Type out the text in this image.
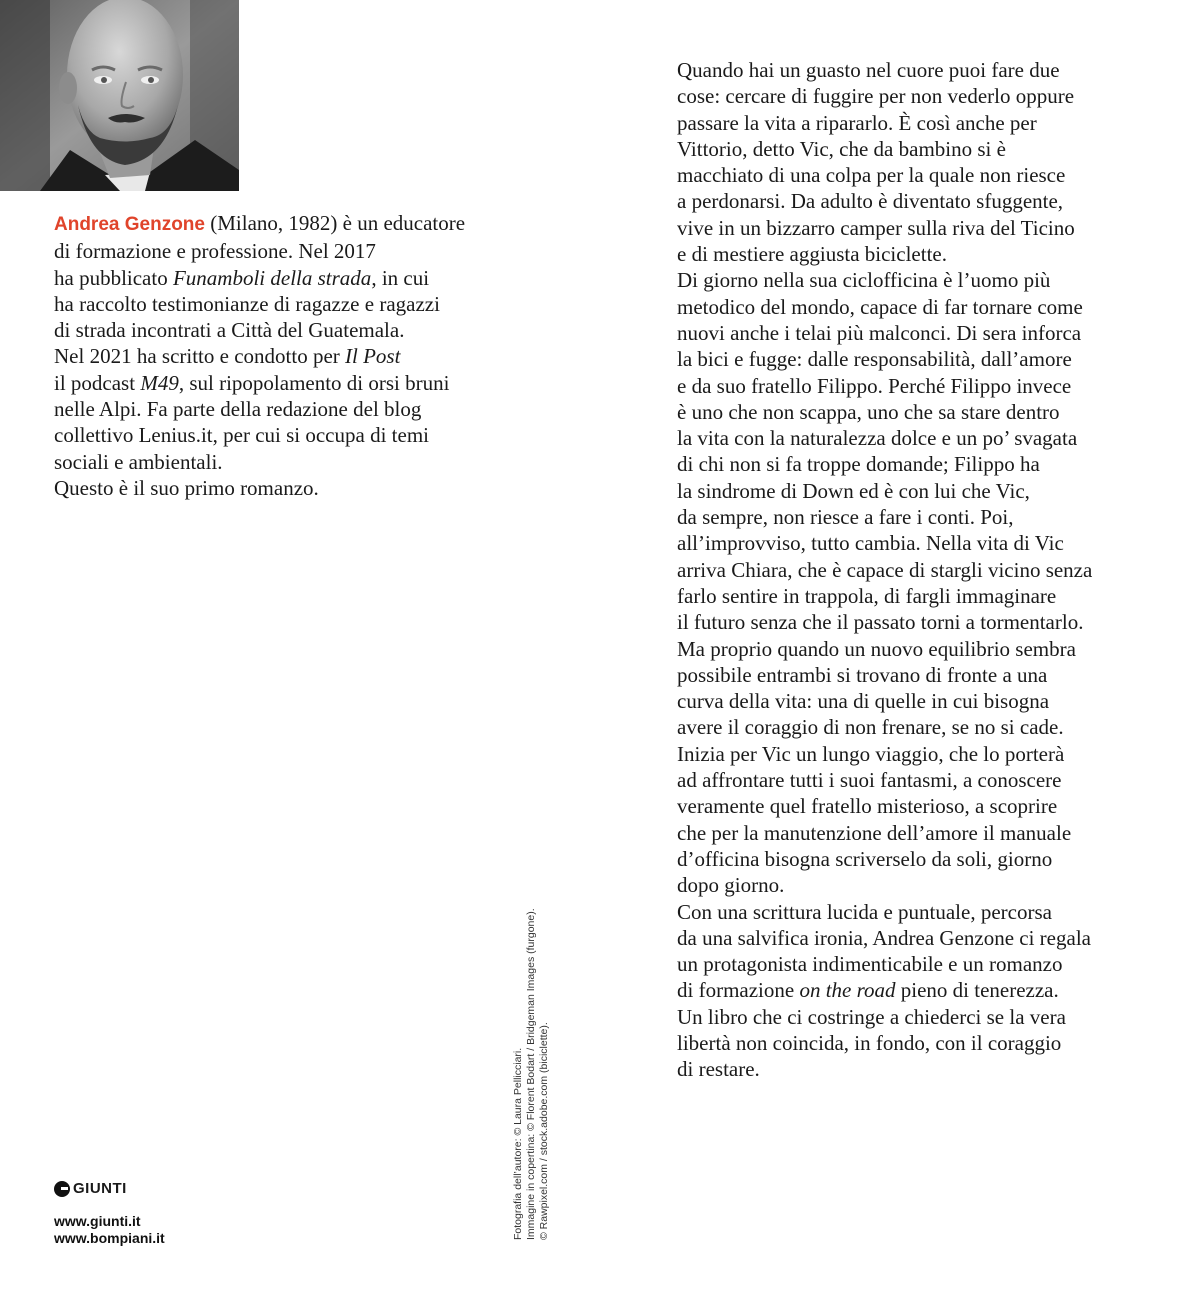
Andrea Genzone (Milano, 1982) è un educatore
di formazione e professione. Nel 2017
ha pubblicato Funamboli della strada, in cui
ha raccolto testimonianze di ragazze e ragazzi
di strada incontrati a Città del Guatemala.
Nel 2021 ha scritto e condotto per Il Post
il podcast M49, sul ripopolamento di orsi bruni
nelle Alpi. Fa parte della redazione del blog
collettivo Lenius.it, per cui si occupa di temi
sociali e ambientali.
Questo è il suo primo romanzo.
Quando hai un guasto nel cuore puoi fare due
cose: cercare di fuggire per non vederlo oppure
passare la vita a ripararlo. È così anche per
Vittorio, detto Vic, che da bambino si è
macchiato di una colpa per la quale non riesce
a perdonarsi. Da adulto è diventato sfuggente,
vive in un bizzarro camper sulla riva del Ticino
e di mestiere aggiusta biciclette.
Di giorno nella sua ciclofficina è l’uomo più
metodico del mondo, capace di far tornare come
nuovi anche i telai più malconci. Di sera inforca
la bici e fugge: dalle responsabilità, dall’amore
e da suo fratello Filippo. Perché Filippo invece
è uno che non scappa, uno che sa stare dentro
la vita con la naturalezza dolce e un po’ svagata
di chi non si fa troppe domande; Filippo ha
la sindrome di Down ed è con lui che Vic,
da sempre, non riesce a fare i conti. Poi,
all’improvviso, tutto cambia. Nella vita di Vic
arriva Chiara, che è capace di stargli vicino senza
farlo sentire in trappola, di fargli immaginare
il futuro senza che il passato torni a tormentarlo.
Ma proprio quando un nuovo equilibrio sembra
possibile entrambi si trovano di fronte a una
curva della vita: una di quelle in cui bisogna
avere il coraggio di non frenare, se no si cade.
Inizia per Vic un lungo viaggio, che lo porterà
ad affrontare tutti i suoi fantasmi, a conoscere
veramente quel fratello misterioso, a scoprire
che per la manutenzione dell’amore il manuale
d’officina bisogna scriverselo da soli, giorno
dopo giorno.
Con una scrittura lucida e puntuale, percorsa
da una salvifica ironia, Andrea Genzone ci regala
un protagonista indimenticabile e un romanzo
di formazione on the road pieno di tenerezza.
Un libro che ci costringe a chiederci se la vera
libertà non coincida, in fondo, con il coraggio
di restare.
Fotografia dell’autore: © Laura Pellicciari. Immagine in copertina: © Florent Bodart / Bridgeman Images (furgone). © Rawpixel.com / stock.adobe.com (biciclette).
GIUNTI
www.giunti.it
www.bompiani.it
